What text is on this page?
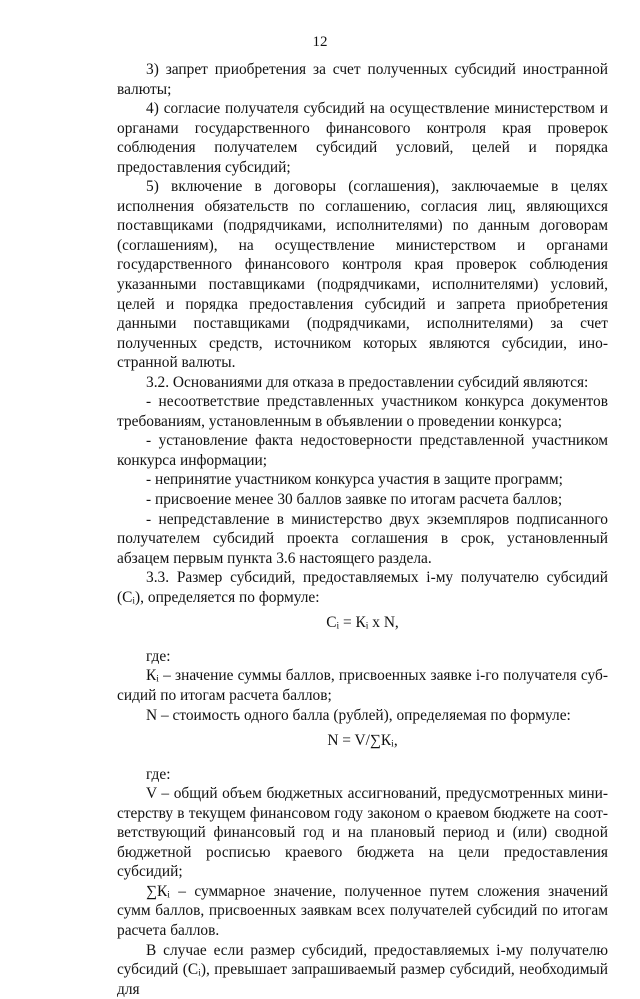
12

3) запрет приобретения за счет полученных субсидий иностранной валюты;

4) согласие получателя субсидий на осуществление министерством и органами государственного финансового контроля края проверок соблюдения получателем субсидий условий, целей и порядка предоставления субсидий;

5) включение в договоры (соглашения), заключаемые в целях исполнения обязательств по соглашению, согласия лиц, являющихся поставщиками (подрядчиками, исполнителями) по данным договорам (соглашениям), на осуществление министерством и органами государственного финансового контроля края проверок соблюдения указанными поставщиками (подрядчиками, исполнителями) условий, целей и порядка предоставления субсидий и запрета приобретения данными поставщиками (подрядчиками, исполнителями) за счет полученных средств, источником которых являются субсидии, иностранной валюты.

3.2. Основаниями для отказа в предоставлении субсидий являются:

- несоответствие представленных участником конкурса документов требованиям, установленным в объявлении о проведении конкурса;

- установление факта недостоверности представленной участником конкурса информации;

- непринятие участником конкурса участия в защите программ;

- присвоение менее 30 баллов заявке по итогам расчета баллов;

- непредставление в министерство двух экземпляров подписанного получателем субсидий проекта соглашения в срок, установленный абзацем первым пункта 3.6 настоящего раздела.

3.3. Размер субсидий, предоставляемых i-му получателю субсидий $(С_i)$, определяется по формуле:

$С_i = К_i$ х N,

где:

$К_i$ – значение суммы баллов, присвоенных заявке i-го получателя субсидий по итогам расчета баллов;

N – стоимость одного балла (рублей), определяемая по формуле:

$N = V/\sum К_i$,

где:

V – общий объем бюджетных ассигнований, предусмотренных министерству в текущем финансовом году законом о краевом бюджете на соответствующий финансовый год и на плановый период и (или) сводной бюджетной росписью краевого бюджета на цели предоставления субсидий;

$\sum К_i$ – суммарное значение, полученное путем сложения значений сумм баллов, присвоенных заявкам всех получателей субсидий по итогам расчета баллов.

В случае если размер субсидий, предоставляемых i-му получателю субсидий $(С_i)$, превышает запрашиваемый размер субсидий, необходимый для
